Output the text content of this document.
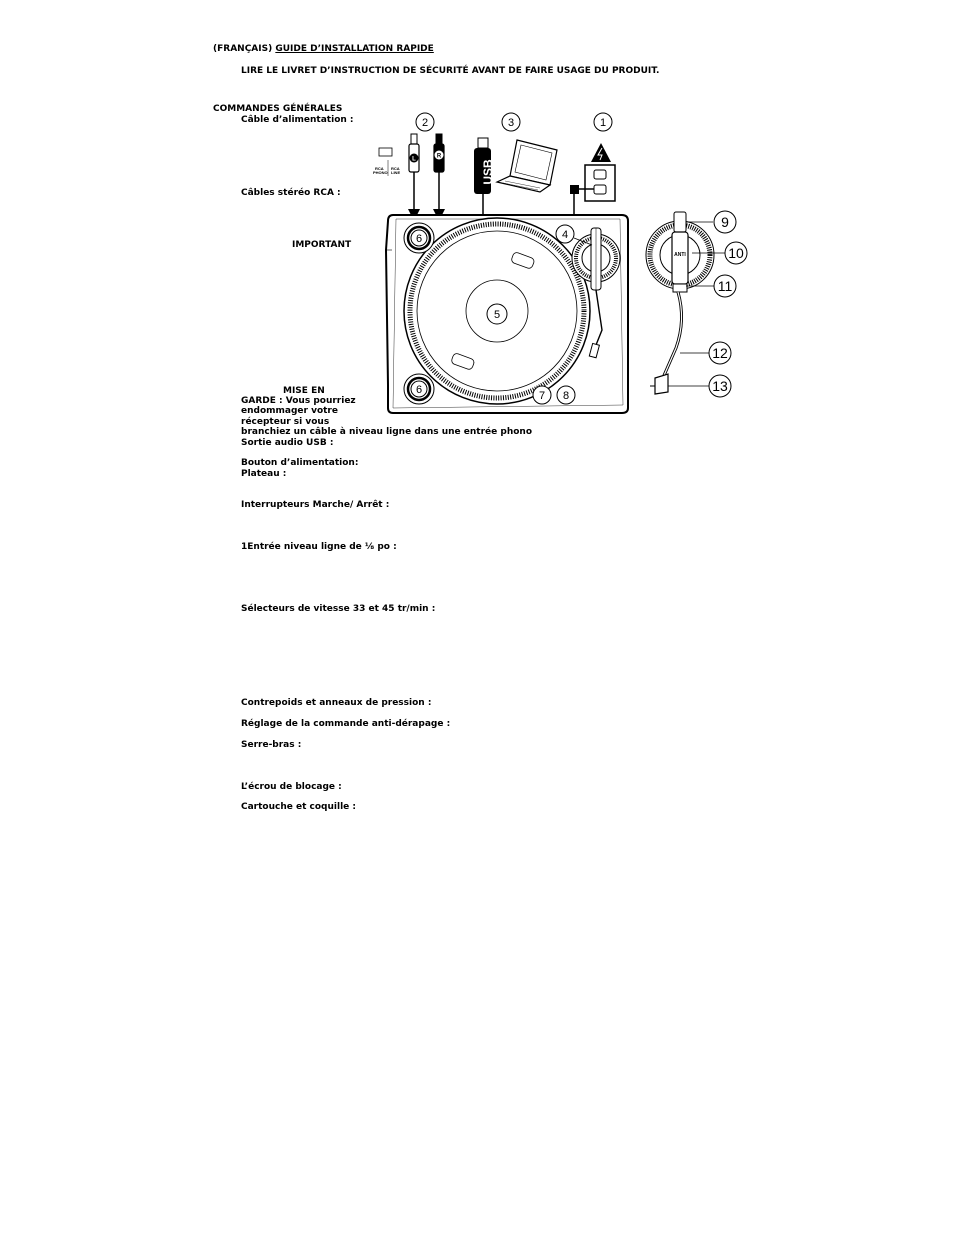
(FRANÇAIS) GUIDE D’INSTALLATION RAPIDE
LIRE LE LIVRET D’INSTRUCTION DE SÉCURITÉ AVANT DE FAIRE USAGE DU PRODUIT.
COMMANDES GÉNÉRALES
Câble d’alimentation :
Câbles stéréo RCA :
IMPORTANT
MISE EN
GARDE : Vous pourriez
endommager votre
récepteur si vous
branchiez un câble à niveau ligne dans une entrée phono
Sortie audio USB :
Bouton d’alimentation:
Plateau :
Interrupteurs Marche/ Arrêt :
1Entrée niveau ligne de ⅛ po :
Sélecteurs de vitesse 33 et 45 tr/min :
Contrepoids et anneaux de pression :
Réglage de la commande anti-dérapage :
Serre-bras :
L’écrou de blocage :
Cartouche et coquille :
RCA PHONO
RCA LINE
L	R
USB
ANTI
2	3	1
4
5
6
6	7 8
9
10
11
12
13
